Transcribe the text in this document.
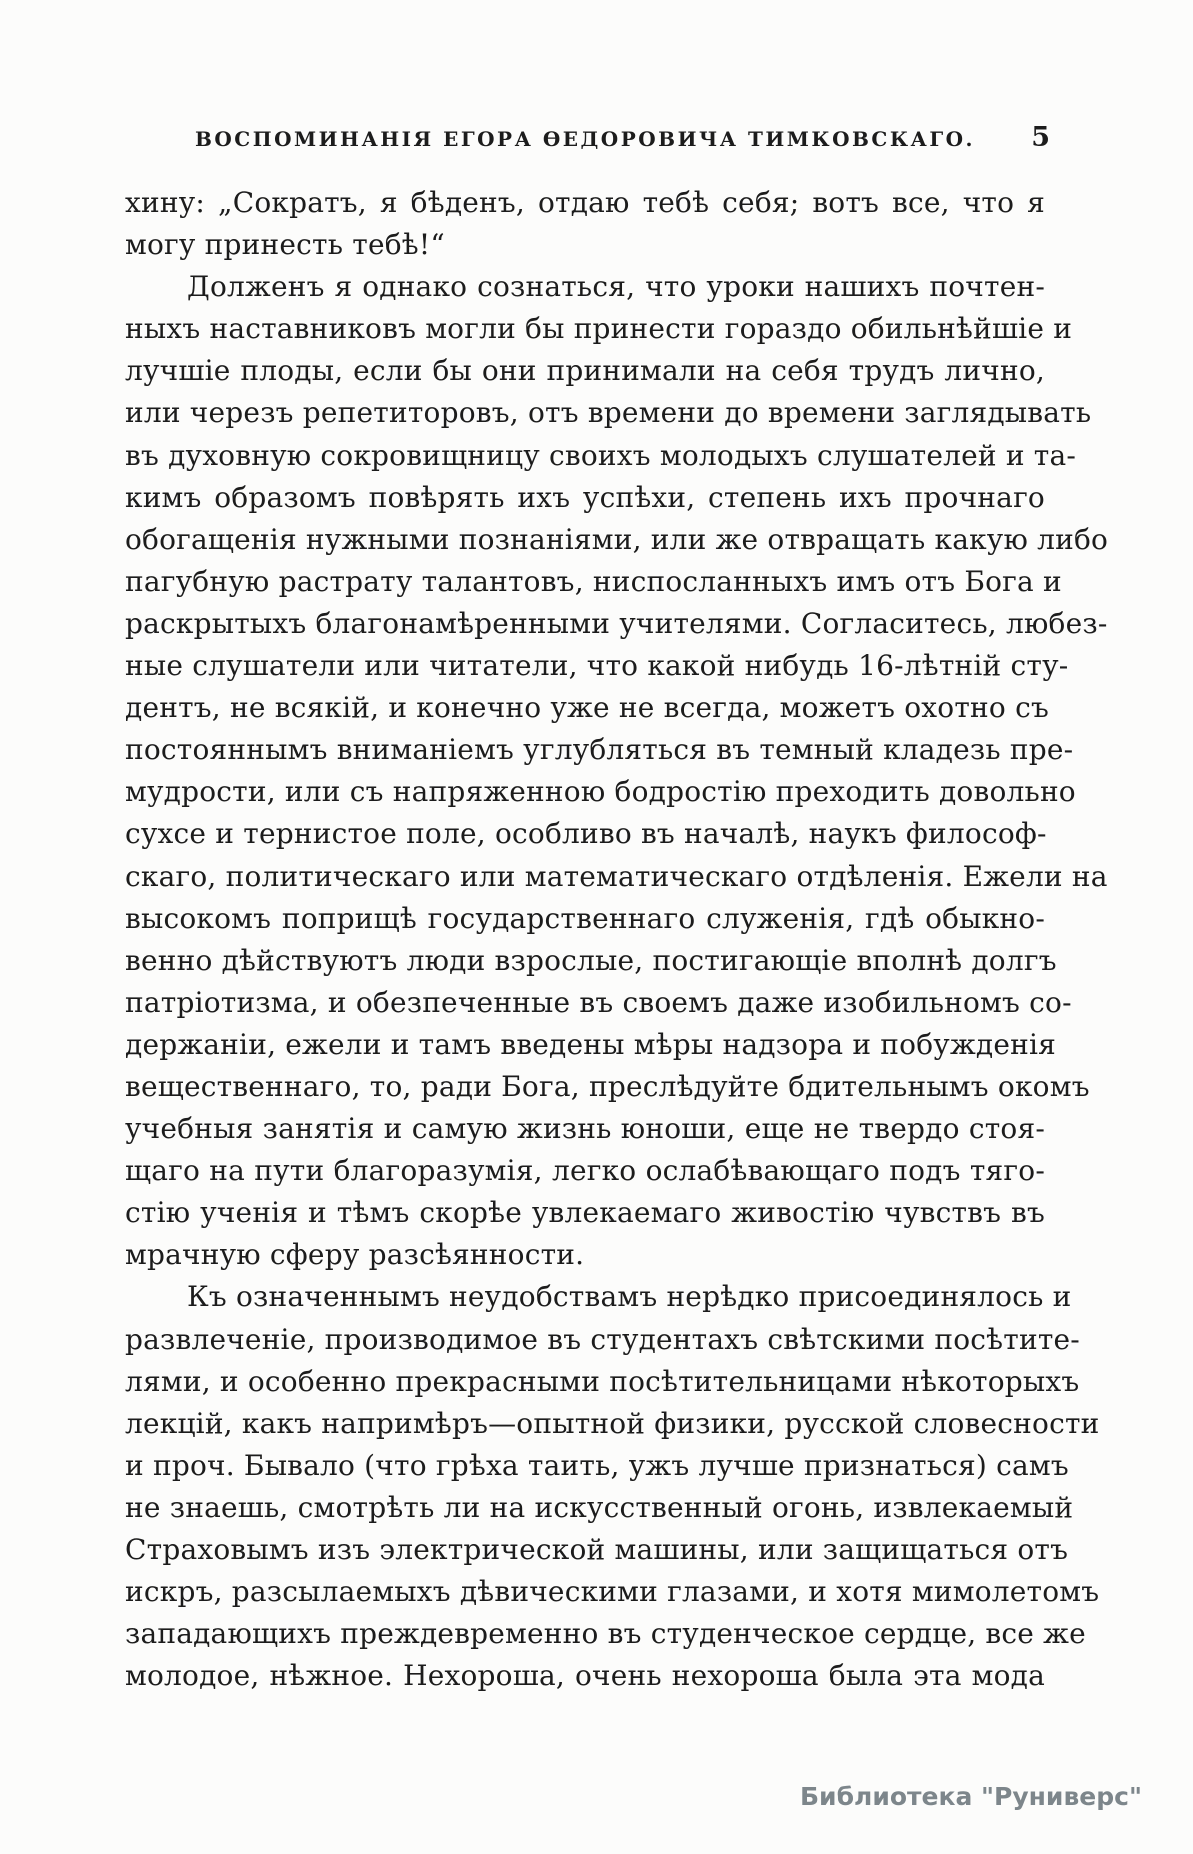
ВОСПОМИНАНІЯ ЕГОРА ѲЕДОРОВИЧА ТИМКОВСКАГО.	5
хину: „Сократъ, я бѣденъ, отдаю тебѣ себя; вотъ все, что я
могу принесть тебѣ!“
Долженъ я однако сознаться, что уроки нашихъ почтен-
ныхъ наставниковъ могли бы принести гораздо обильнѣйшіе и
лучшіе плоды, если бы они принимали на себя трудъ лично,
или черезъ репетиторовъ, отъ времени до времени заглядывать
въ духовную сокровищницу своихъ молодыхъ слушателей и та-
кимъ образомъ повѣрять ихъ успѣхи, степень ихъ прочнаго
обогащенія нужными познаніями, или же отвращать какую либо
пагубную растрату талантовъ, ниспосланныхъ имъ отъ Бога и
раскрытыхъ благонамѣренными учителями. Согласитесь, любез-
ные слушатели или читатели, что какой нибудь 16-лѣтній сту-
дентъ, не всякій, и конечно уже не всегда, можетъ охотно съ
постояннымъ вниманіемъ углубляться въ темный кладезь пре-
мудрости, или съ напряженною бодростію преходить довольно
сухсе и тернистое поле, особливо въ началѣ, наукъ философ-
скаго, политическаго или математическаго отдѣленія. Ежели на
высокомъ поприщѣ государственнаго служенія, гдѣ обыкно-
венно дѣйствуютъ люди взрослые, постигающіе вполнѣ долгъ
патріотизма, и обезпеченные въ своемъ даже изобильномъ со-
держаніи, ежели и тамъ введены мѣры надзора и побужденія
вещественнаго, то, ради Бога, преслѣдуйте бдительнымъ окомъ
учебныя занятія и самую жизнь юноши, еще не твердо стоя-
щаго на пути благоразумія, легко ослабѣвающаго подъ тяго-
стію ученія и тѣмъ скорѣе увлекаемаго живостію чувствъ въ
мрачную сферу разсѣянности.
Къ означеннымъ неудобствамъ нерѣдко присоединялось и
развлеченіе, производимое въ студентахъ свѣтскими посѣтите-
лями, и особенно прекрасными посѣтительницами нѣкоторыхъ
лекцій, какъ напримѣръ—опытной физики, русской словесности
и проч. Бывало (что грѣха таить, ужъ лучше признаться) самъ
не знаешь, смотрѣть ли на искусственный огонь, извлекаемый
Страховымъ изъ электрической машины, или защищаться отъ
искръ, разсылаемыхъ дѣвическими глазами, и хотя мимолетомъ
западающихъ преждевременно въ студенческое сердце, все же
молодое, нѣжное. Нехороша, очень нехороша была эта мода
Библиотека "Руниверс"
